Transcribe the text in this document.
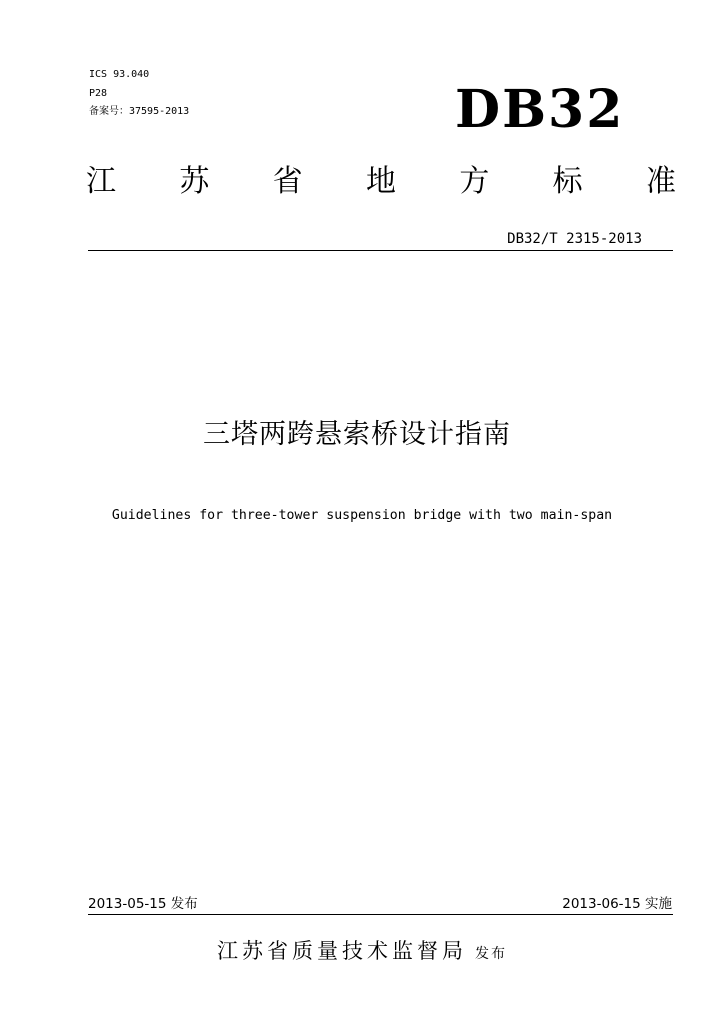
ICS 93.040
P28
备案号：37595-2013	DB32
江 苏 省 地 方 标 准
DB32/T 2315-2013
三塔两跨悬索桥设计指南
Guidelines for three-tower suspension bridge with two main-span
2013-05-15 发布	2013-06-15 实施
江苏省质量技术监督局 发布
